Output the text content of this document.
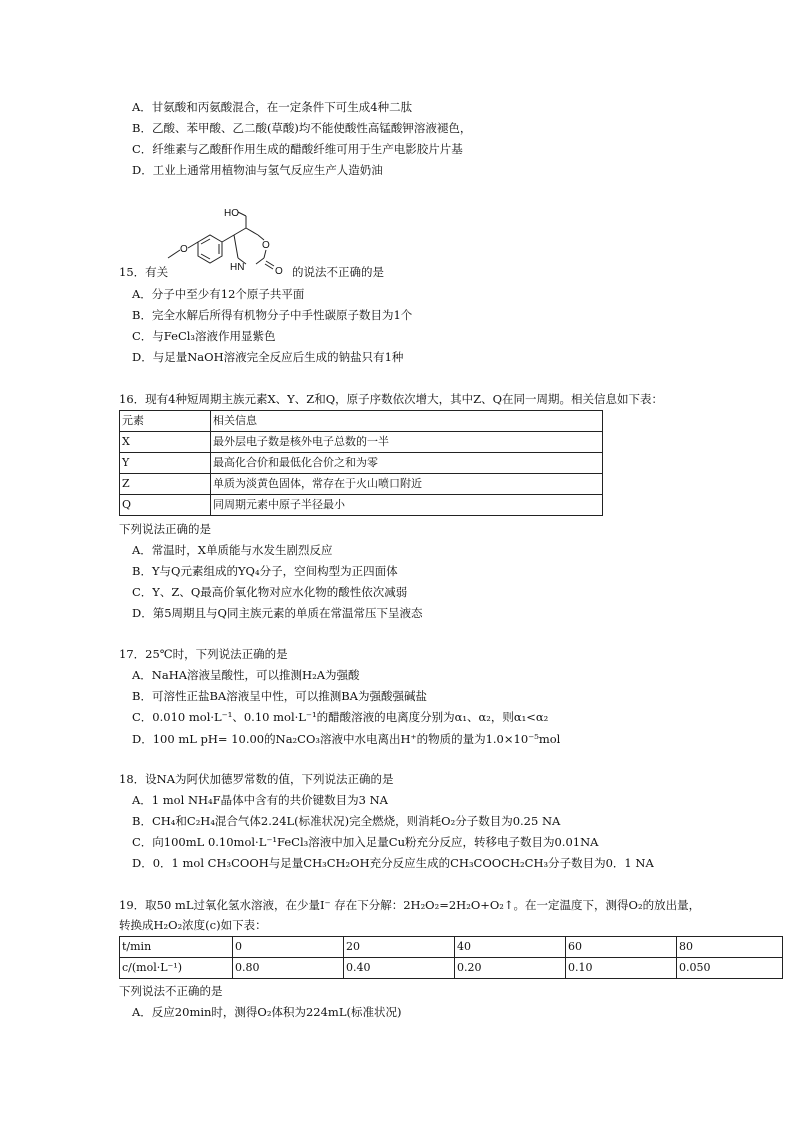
A．甘氨酸和丙氨酸混合，在一定条件下可生成4种二肽
B．乙酸、苯甲酸、乙二酸(草酸)均不能使酸性高锰酸钾溶液褪色，
C．纤维素与乙酸酐作用生成的醋酸纤维可用于生产电影胶片片基
D．工业上通常用植物油与氢气反应生产人造奶油
HO
HN
O
O
O
15．有关	的说法不正确的是
A．分子中至少有12个原子共平面
B．完全水解后所得有机物分子中手性碳原子数目为1个
C．与FeCl₃溶液作用显紫色
D．与足量NaOH溶液完全反应后生成的钠盐只有1种
16．现有4种短周期主族元素X、Y、Z和Q，原子序数依次增大，其中Z、Q在同一周期。相关信息如下表：
元素	相关信息
X	最外层电子数是核外电子总数的一半
Y	最高化合价和最低化合价之和为零
Z	单质为淡黄色固体，常存在于火山喷口附近
Q	同周期元素中原子半径最小
下列说法正确的是
A．常温时，X单质能与水发生剧烈反应
B．Y与Q元素组成的YQ₄分子，空间构型为正四面体
C．Y、Z、Q最高价氧化物对应水化物的酸性依次减弱
D．第5周期且与Q同主族元素的单质在常温常压下呈液态
17．25℃时，下列说法正确的是
A．NaHA溶液呈酸性，可以推测H₂A为强酸
B．可溶性正盐BA溶液呈中性，可以推测BA为强酸强碱盐
C．0.010 mol·L⁻¹、0.10 mol·L⁻¹的醋酸溶液的电离度分别为α₁、α₂，则α₁<α₂
D．100 mL pH= 10.00的Na₂CO₃溶液中水电离出H⁺的物质的量为1.0×10⁻⁵mol
18．设NA为阿伏加德罗常数的值，下列说法正确的是
A．1 mol NH₄F晶体中含有的共价键数目为3 NA
B．CH₄和C₂H₄混合气体2.24L(标准状况)完全燃烧，则消耗O₂分子数目为0.25 NA
C．向100mL 0.10mol·L⁻¹FeCl₃溶液中加入足量Cu粉充分反应，转移电子数目为0.01NA
D．0．1 mol CH₃COOH与足量CH₃CH₂OH充分反应生成的CH₃COOCH₂CH₃分子数目为0．1 NA
19．取50 mL过氧化氢水溶液，在少量I⁻ 存在下分解：2H₂O₂=2H₂O+O₂↑。在一定温度下，测得O₂的放出量，
转换成H₂O₂浓度(c)如下表：
t/min	0	20	40	60	80
c/(mol·L⁻¹)	0.80	0.40	0.20	0.10	0.050
下列说法不正确的是
A．反应20min时，测得O₂体积为224mL(标准状况)
